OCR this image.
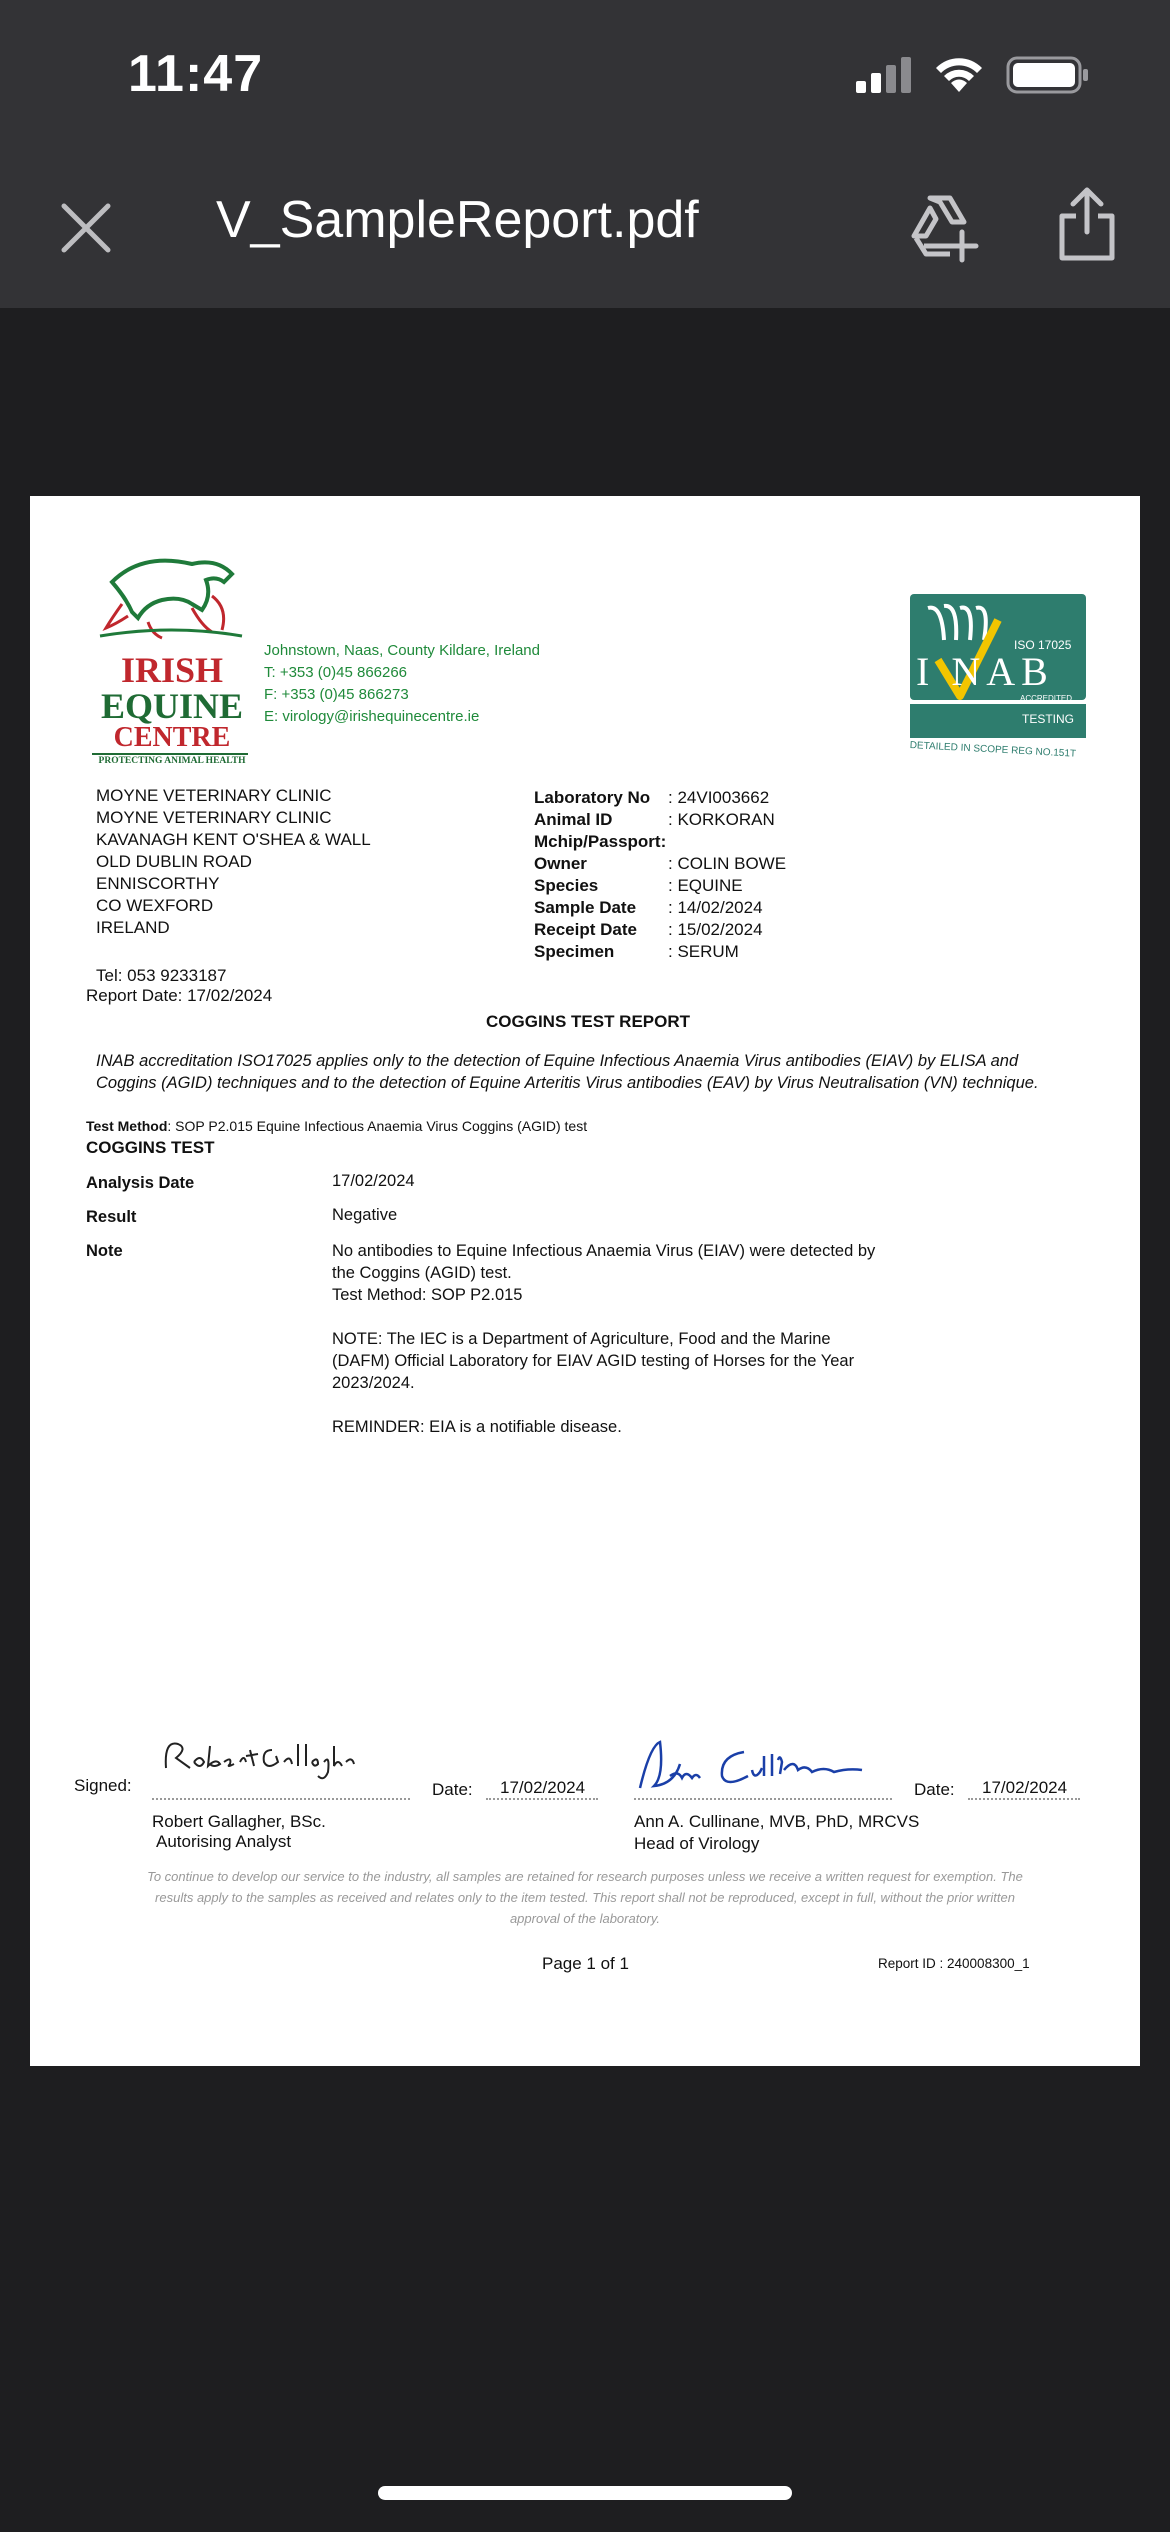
11:47
V_SampleReport.pdf
IRISH
EQUINE
CENTRE
PROTECTING ANIMAL HEALTH
Johnstown, Naas, County Kildare, Ireland
T: +353 (0)45 866266
F: +353 (0)45 866273
E: virology@irishequinecentre.ie
ISO 17025
I NAB
ACCREDITED
TESTING
DETAILED IN SCOPE REG NO.151T
MOYNE VETERINARY CLINIC
MOYNE VETERINARY CLINIC
KAVANAGH KENT O'SHEA & WALL
OLD DUBLIN ROAD
ENNISCORTHY
CO WEXFORD
IRELAND
Tel: 053 9233187
Report Date: 17/02/2024
Laboratory No : 24VI003662
Animal ID	: KORKORAN
Mchip/Passport:
Owner	: COLIN BOWE
Species	: EQUINE
Sample Date : 14/02/2024
Receipt Date : 15/02/2024
Specimen	: SERUM
COGGINS TEST REPORT
INAB accreditation ISO17025 applies only to the detection of Equine Infectious Anaemia Virus antibodies (EIAV) by ELISA and Coggins (AGID) techniques and to the detection of Equine Arteritis Virus antibodies (EAV) by Virus Neutralisation (VN) technique.
Test Method: SOP P2.015 Equine Infectious Anaemia Virus Coggins (AGID) test
COGGINS TEST
Analysis Date	17/02/2024
Result	Negative
Note	No antibodies to Equine Infectious Anaemia Virus (EIAV) were detected by the Coggins (AGID) test.

Test Method: SOP P2.015

NOTE: The IEC is a Department of Agriculture, Food and the Marine (DAFM) Official Laboratory for EIAV AGID testing of Horses for the Year 2023/2024.

REMINDER: EIA is a notifiable disease.

Signed:	Date: 17/02/2024
Robert Gallagher, BSc.
Autorising Analyst
Date: 17/02/2024
Ann A. Cullinane, MVB, PhD, MRCVS
Head of Virology
To continue to develop our service to the industry, all samples are retained for research purposes unless we receive a written request for exemption. The results apply to the samples as received and relates only to the item tested. This report shall not be reproduced, except in full, without the prior written approval of the laboratory.
Page 1 of 1	Report ID : 240008300_1
